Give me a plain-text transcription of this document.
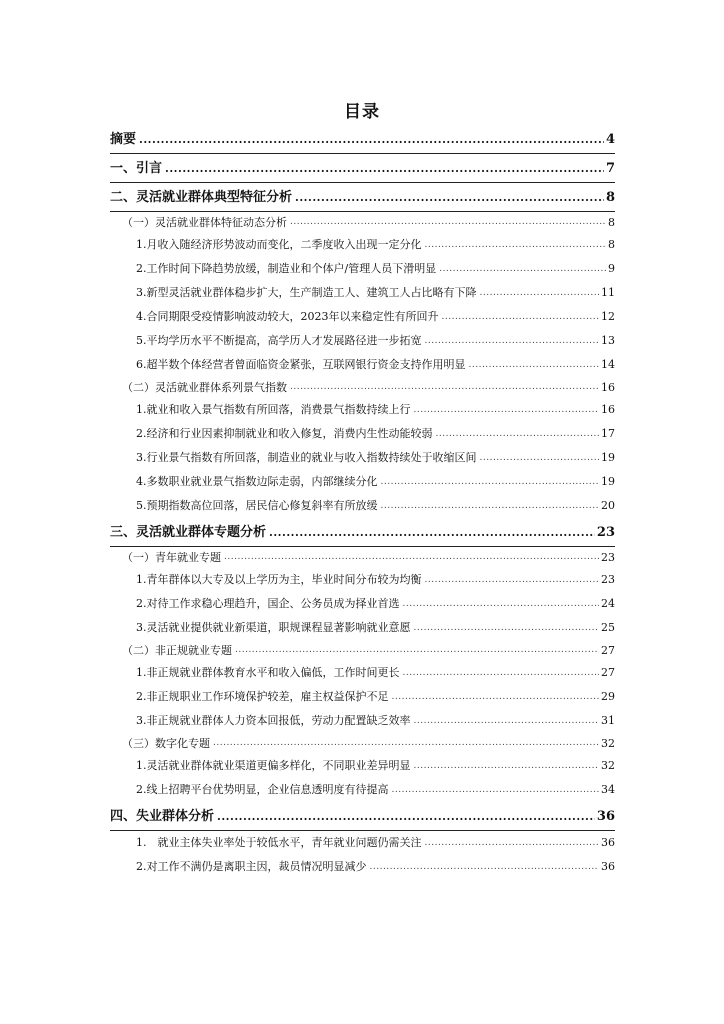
目录
摘要 .....	4
一、引言 .....	7
二、灵活就业群体典型特征分析 .....	8
（一）灵活就业群体特征动态分析 .....	8
1.月收入随经济形势波动而变化，二季度收入出现一定分化 .....	8
2.工作时间下降趋势放缓，制造业和个体户/管理人员下滑明显 .....	9
3.新型灵活就业群体稳步扩大，生产制造工人、建筑工人占比略有下降 .....	11
4.合同期限受疫情影响波动较大，2023年以来稳定性有所回升 .....	12
5.平均学历水平不断提高，高学历人才发展路径进一步拓宽 .....	13
6.超半数个体经营者曾面临资金紧张，互联网银行资金支持作用明显 .....	14
（二）灵活就业群体系列景气指数 .....	16
1.就业和收入景气指数有所回落，消费景气指数持续上行 .....	16
2.经济和行业因素抑制就业和收入修复，消费内生性动能较弱 .....	17
3.行业景气指数有所回落，制造业的就业与收入指数持续处于收缩区间 .....	19
4.多数职业就业景气指数边际走弱，内部继续分化 .....	19
5.预期指数高位回落，居民信心修复斜率有所放缓 .....	20
三、灵活就业群体专题分析 .....	23
（一）青年就业专题 .....	23
1.青年群体以大专及以上学历为主，毕业时间分布较为均衡 .....	23
2.对待工作求稳心理趋升，国企、公务员成为择业首选 .....	24
3.灵活就业提供就业新渠道，职规课程显著影响就业意愿 .....	25
（二）非正规就业专题 .....	27
1.非正规就业群体教育水平和收入偏低，工作时间更长 .....	27
2.非正规职业工作环境保护较差，雇主权益保护不足 .....	29
3.非正规就业群体人力资本回报低，劳动力配置缺乏效率 .....	31
（三）数字化专题 .....	32
1.灵活就业群体就业渠道更偏多样化，不同职业差异明显 .....	32
2.线上招聘平台优势明显，企业信息透明度有待提高 .....	34
四、失业群体分析 .....	36
1.　就业主体失业率处于较低水平，青年就业问题仍需关注 .....	36
2.对工作不满仍是离职主因，裁员情况明显减少 .....	36
